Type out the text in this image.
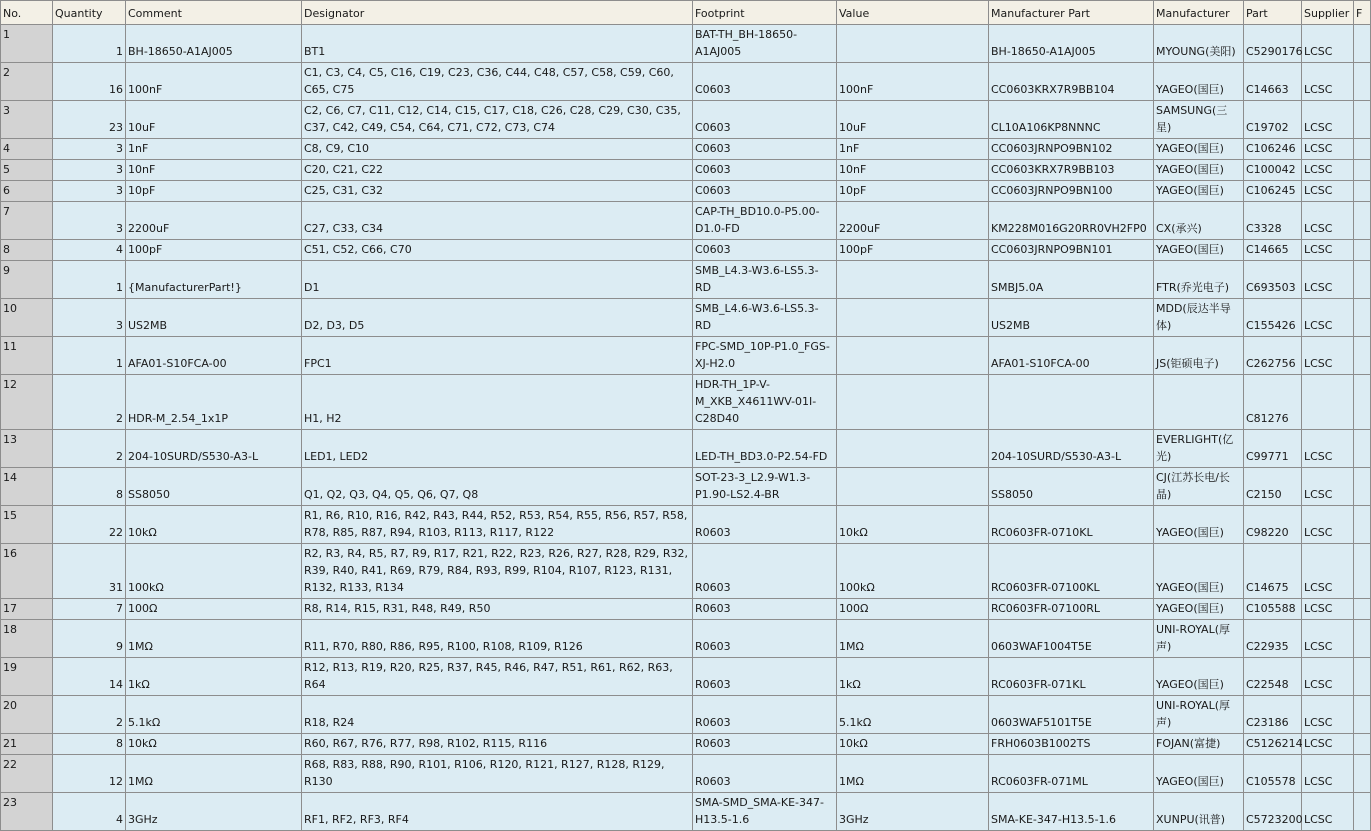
No.	Quantity	Comment	Designator	Footprint	Value	Manufacturer Part	Manufacturer	Part	Supplier	F
1	1	BH-18650-A1AJ005	BT1	BAT-TH_BH-18650-A1AJ005		BH-18650-A1AJ005	MYOUNG(美阳)	C5290176	LCSC	
2	16	100nF	C1, C3, C4, C5, C16, C19, C23, C36, C44, C48, C57, C58, C59, C60, C65, C75	C0603	100nF	CC0603KRX7R9BB104	YAGEO(国巨)	C14663	LCSC	
3	23	10uF	C2, C6, C7, C11, C12, C14, C15, C17, C18, C26, C28, C29, C30, C35, C37, C42, C49, C54, C64, C71, C72, C73, C74	C0603	10uF	CL10A106KP8NNNC	SAMSUNG(三星)	C19702	LCSC	
4	3	1nF	C8, C9, C10	C0603	1nF	CC0603JRNPO9BN102	YAGEO(国巨)	C106246	LCSC	
5	3	10nF	C20, C21, C22	C0603	10nF	CC0603KRX7R9BB103	YAGEO(国巨)	C100042	LCSC	
6	3	10pF	C25, C31, C32	C0603	10pF	CC0603JRNPO9BN100	YAGEO(国巨)	C106245	LCSC	
7	3	2200uF	C27, C33, C34	CAP-TH_BD10.0-P5.00-D1.0-FD	2200uF	KM228M016G20RR0VH2FP0	CX(承兴)	C3328	LCSC	
8	4	100pF	C51, C52, C66, C70	C0603	100pF	CC0603JRNPO9BN101	YAGEO(国巨)	C14665	LCSC	
9	1	{ManufacturerPart!}	D1	SMB_L4.3-W3.6-LS5.3-RD		SMBJ5.0A	FTR(乔光电子)	C693503	LCSC	
10	3	US2MB	D2, D3, D5	SMB_L4.6-W3.6-LS5.3-RD		US2MB	MDD(辰达半导体)	C155426	LCSC	
11	1	AFA01-S10FCA-00	FPC1	FPC-SMD_10P-P1.0_FGS-XJ-H2.0		AFA01-S10FCA-00	JS(钜硕电子)	C262756	LCSC	
12	2	HDR-M_2.54_1x1P	H1, H2	HDR-TH_1P-V-M_XKB_X4611WV-01I-C28D40				C81276		
13	2	204-10SURD/S530-A3-L	LED1, LED2	LED-TH_BD3.0-P2.54-FD		204-10SURD/S530-A3-L	EVERLIGHT(亿光)	C99771	LCSC	
14	8	SS8050	Q1, Q2, Q3, Q4, Q5, Q6, Q7, Q8	SOT-23-3_L2.9-W1.3-P1.90-LS2.4-BR		SS8050	CJ(江苏长电/长晶)	C2150	LCSC	
15	22	10kΩ	R1, R6, R10, R16, R42, R43, R44, R52, R53, R54, R55, R56, R57, R58, R78, R85, R87, R94, R103, R113, R117, R122	R0603	10kΩ	RC0603FR-0710KL	YAGEO(国巨)	C98220	LCSC	
16	31	100kΩ	R2, R3, R4, R5, R7, R9, R17, R21, R22, R23, R26, R27, R28, R29, R32, R39, R40, R41, R69, R79, R84, R93, R99, R104, R107, R123, R131, R132, R133, R134	R0603	100kΩ	RC0603FR-07100KL	YAGEO(国巨)	C14675	LCSC	
17	7	100Ω	R8, R14, R15, R31, R48, R49, R50	R0603	100Ω	RC0603FR-07100RL	YAGEO(国巨)	C105588	LCSC	
18	9	1MΩ	R11, R70, R80, R86, R95, R100, R108, R109, R126	R0603	1MΩ	0603WAF1004T5E	UNI-ROYAL(厚声)	C22935	LCSC	
19	14	1kΩ	R12, R13, R19, R20, R25, R37, R45, R46, R47, R51, R61, R62, R63, R64	R0603	1kΩ	RC0603FR-071KL	YAGEO(国巨)	C22548	LCSC	
20	2	5.1kΩ	R18, R24	R0603	5.1kΩ	0603WAF5101T5E	UNI-ROYAL(厚声)	C23186	LCSC	
21	8	10kΩ	R60, R67, R76, R77, R98, R102, R115, R116	R0603	10kΩ	FRH0603B1002TS	FOJAN(富捷)	C5126214	LCSC	
22	12	1MΩ	R68, R83, R88, R90, R101, R106, R120, R121, R127, R128, R129, R130	R0603	1MΩ	RC0603FR-071ML	YAGEO(国巨)	C105578	LCSC	
23	4	3GHz	RF1, RF2, RF3, RF4	SMA-SMD_SMA-KE-347-H13.5-1.6	3GHz	SMA-KE-347-H13.5-1.6	XUNPU(讯普)	C5723200	LCSC	
